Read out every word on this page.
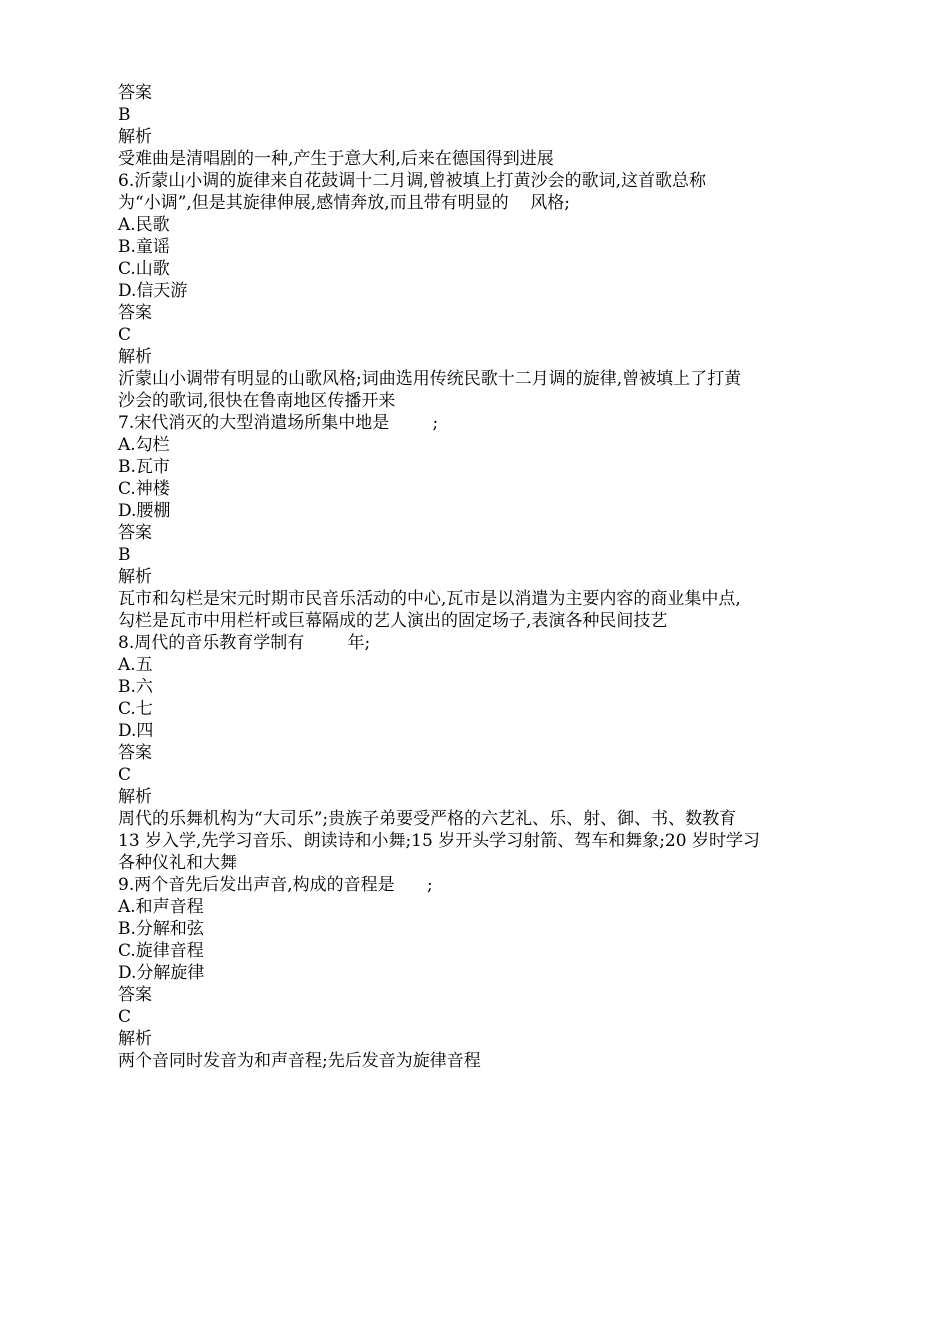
答案

B

解析

受难曲是清唱剧的一种,产生于意大利,后来在德国得到进展

6.沂蒙山小调的旋律来自花鼓调十二月调,曾被填上打黄沙会的歌词,这首歌总称

为“小调”,但是其旋律伸展,感情奔放,而且带有明显的    风格;

A.民歌

B.童谣

C.山歌

D.信天游

答案

C

解析

沂蒙山小调带有明显的山歌风格;词曲选用传统民歌十二月调的旋律,曾被填上了打黄

沙会的歌词,很快在鲁南地区传播开来

7.宋代消灭的大型消遣场所集中地是        ;

A.勾栏

B.瓦市

C.神楼

D.腰棚

答案

B

解析

瓦市和勾栏是宋元时期市民音乐活动的中心,瓦市是以消遣为主要内容的商业集中点,

勾栏是瓦市中用栏杆或巨幕隔成的艺人演出的固定场子,表演各种民间技艺

8.周代的音乐教育学制有        年;

A.五

B.六

C.七

D.四

答案

C

解析

周代的乐舞机构为“大司乐”;贵族子弟要受严格的六艺礼、乐、射、御、书、数教育

13 岁入学,先学习音乐、朗读诗和小舞;15 岁开头学习射箭、驾车和舞象;20 岁时学习

各种仪礼和大舞

9.两个音先后发出声音,构成的音程是      ;

A.和声音程

B.分解和弦

C.旋律音程

D.分解旋律

答案

C

解析

两个音同时发音为和声音程;先后发音为旋律音程
